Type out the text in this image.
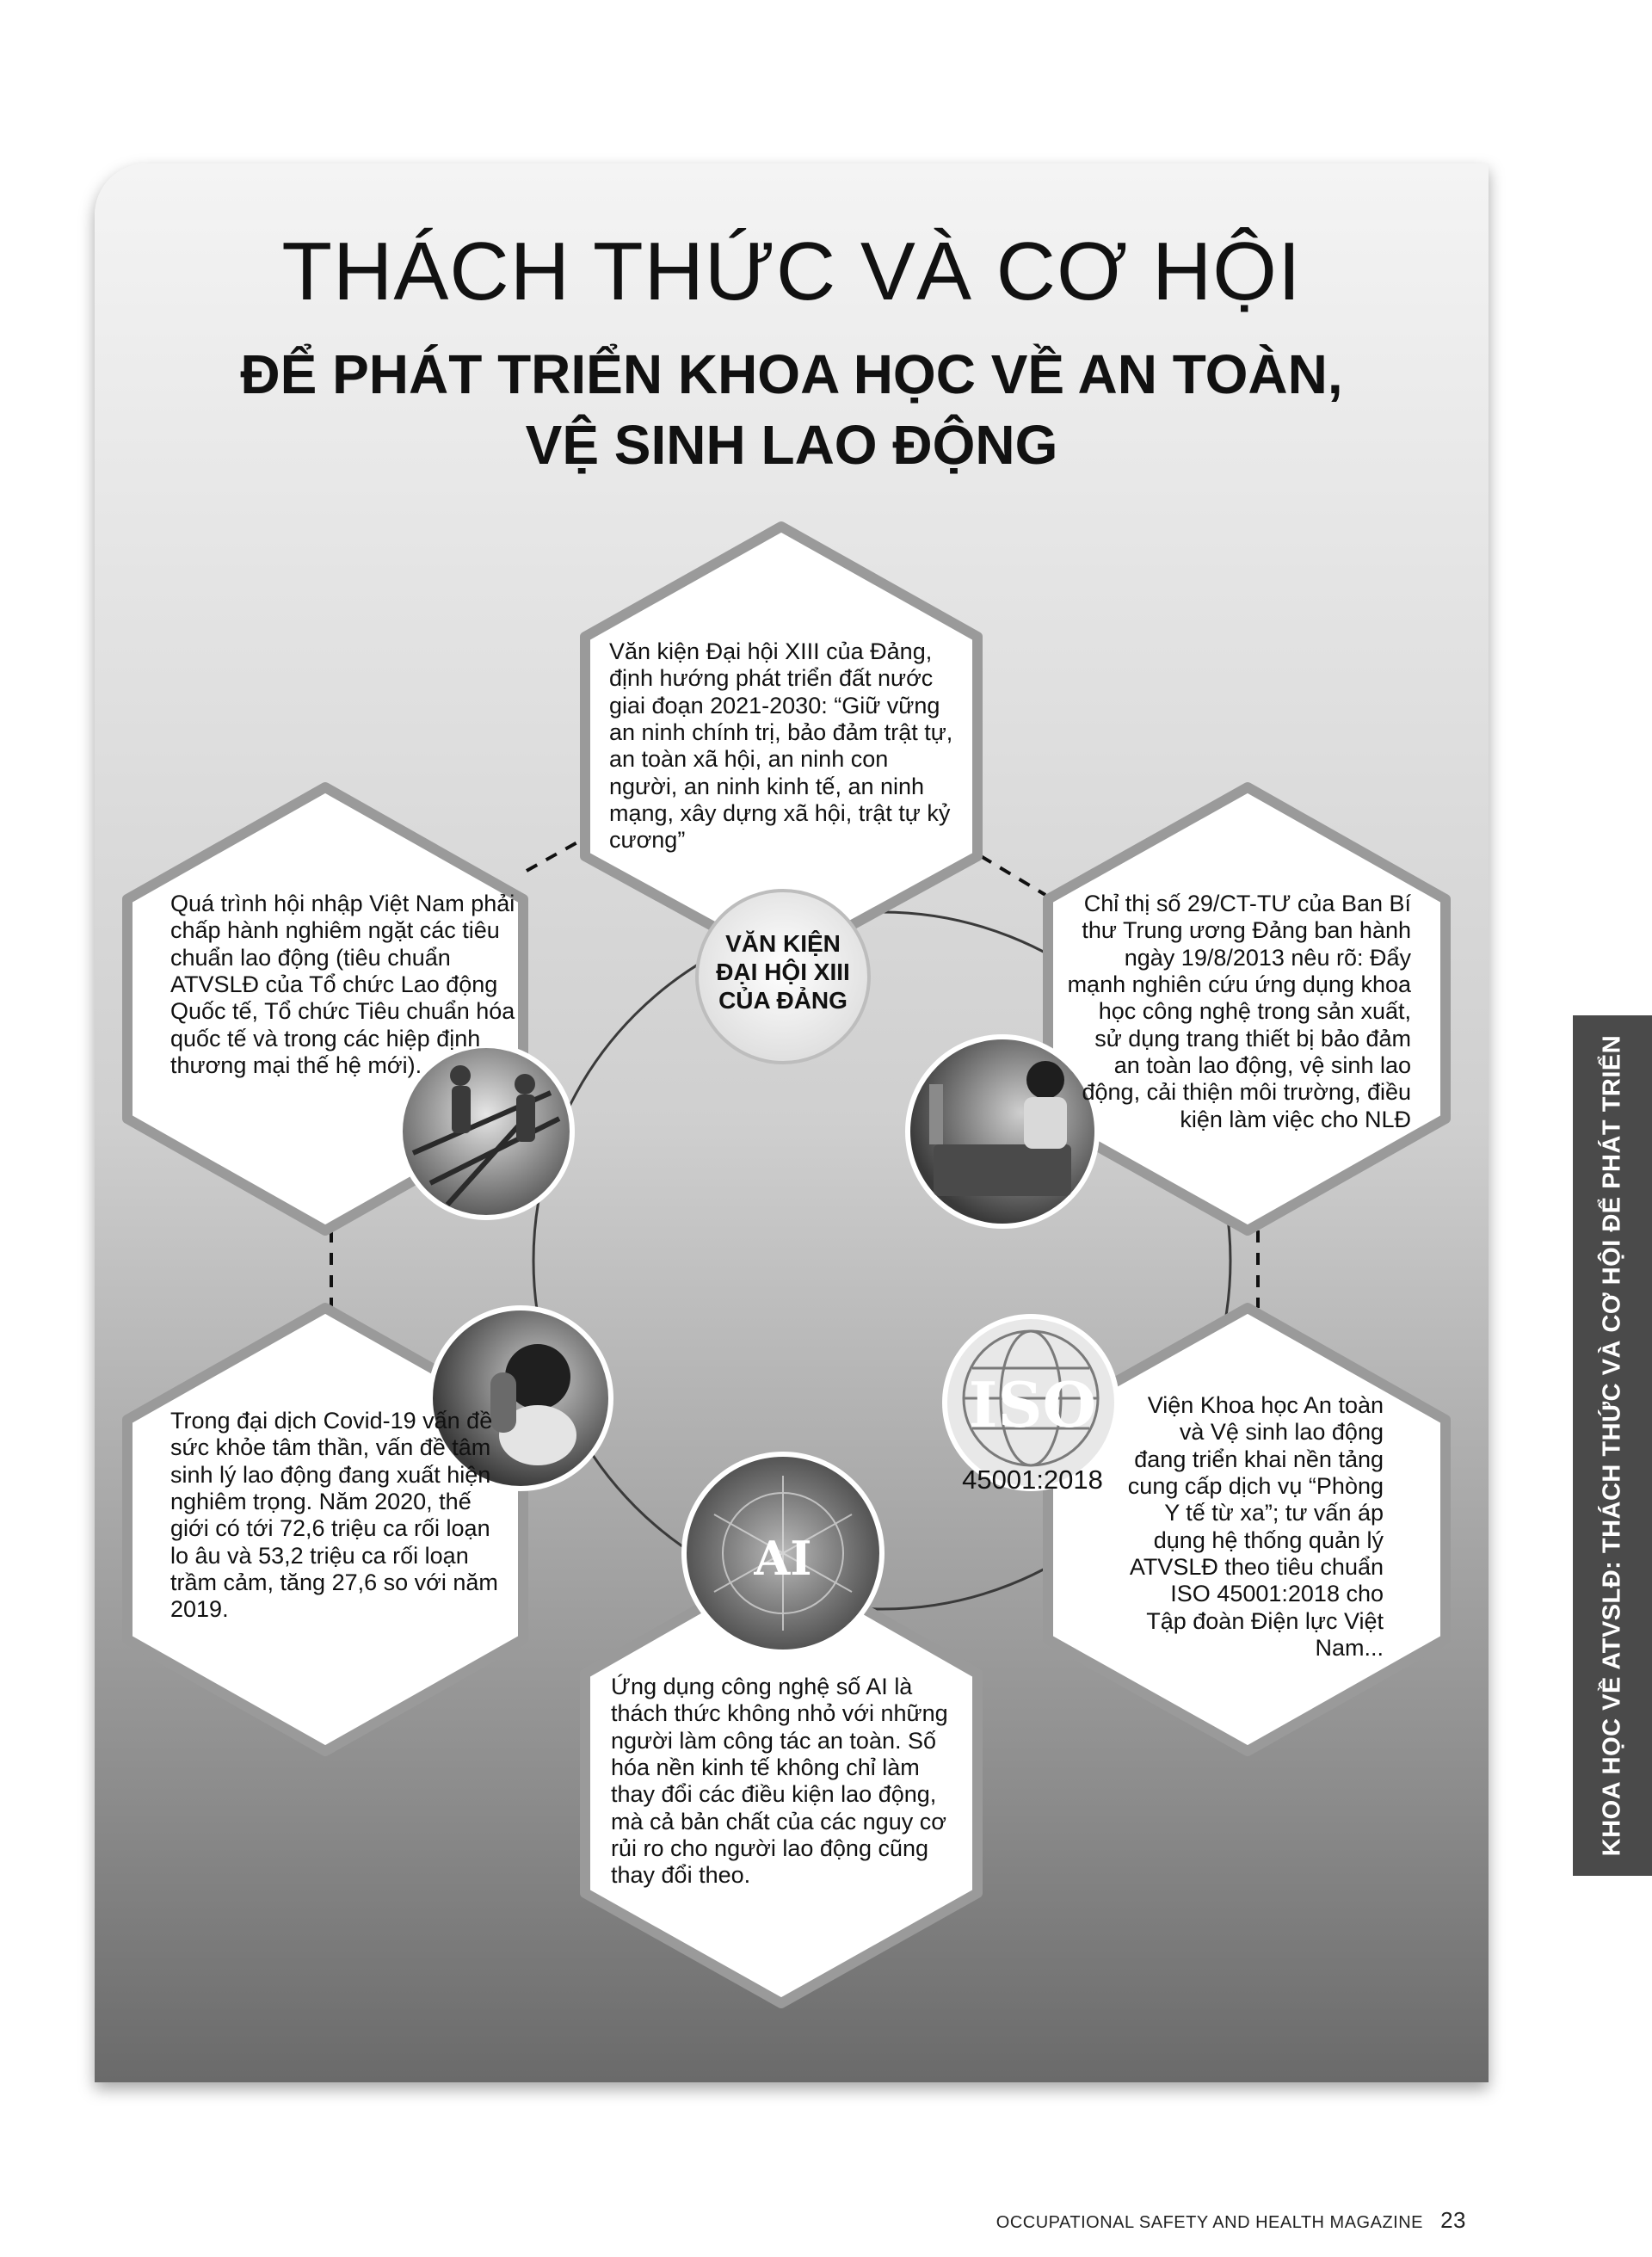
THÁCH THỨC VÀ CƠ HỘI
ĐỂ PHÁT TRIỂN KHOA HỌC VỀ AN TOÀN,
VỆ SINH LAO ĐỘNG
VĂN KIỆN
ĐẠI HỘI XIII
CỦA ĐẢNG
ISO
45001:2018
AI

Văn kiện Đại hội XIII của Đảng, định hướng phát triển đất nước giai đoạn 2021-2030: “Giữ vững an ninh chính trị, bảo đảm trật tự, an toàn xã hội, an ninh con người, an ninh kinh tế, an ninh mạng, xây dựng xã hội, trật tự kỷ cương”

Quá trình hội nhập Việt Nam phải chấp hành nghiêm ngặt các tiêu chuẩn lao động (tiêu chuẩn ATVSLĐ của Tổ chức Lao động Quốc tế, Tổ chức Tiêu chuẩn hóa quốc tế và trong các hiệp định thương mại thế hệ mới).

Chỉ thị số 29/CT-TƯ của Ban Bí thư Trung ương Đảng ban hành ngày 19/8/2013 nêu rõ: Đẩy mạnh nghiên cứu ứng dụng khoa học công nghệ trong sản xuất, sử dụng trang thiết bị bảo đảm an toàn lao động, vệ sinh lao động, cải thiện môi trường, điều kiện làm việc cho NLĐ

Trong đại dịch Covid-19 vấn đề sức khỏe tâm thần, vấn đề tâm sinh lý lao động đang xuất hiện nghiêm trọng. Năm 2020, thế giới có tới 72,6 triệu ca rối loạn lo âu và 53,2 triệu ca rối loạn trầm cảm, tăng 27,6 so với năm 2019.

Viện Khoa học An toàn và Vệ sinh lao động đang triển khai nền tảng cung cấp dịch vụ “Phòng Y tế từ xa”; tư vấn áp dụng hệ thống quản lý ATVSLĐ theo tiêu chuẩn ISO 45001:2018 cho Tập đoàn Điện lực Việt Nam...

Ứng dụng công nghệ số AI là thách thức không nhỏ với những người làm công tác an toàn. Số hóa nền kinh tế không chỉ làm thay đổi các điều kiện lao động, mà cả bản chất của các nguy cơ rủi ro cho người lao động cũng thay đổi theo.

KHOA HỌC VỀ ATVSLĐ: THÁCH THỨC VÀ CƠ HỘI ĐỂ PHÁT TRIỂN
OCCUPATIONAL SAFETY AND HEALTH MAGAZINE 23
